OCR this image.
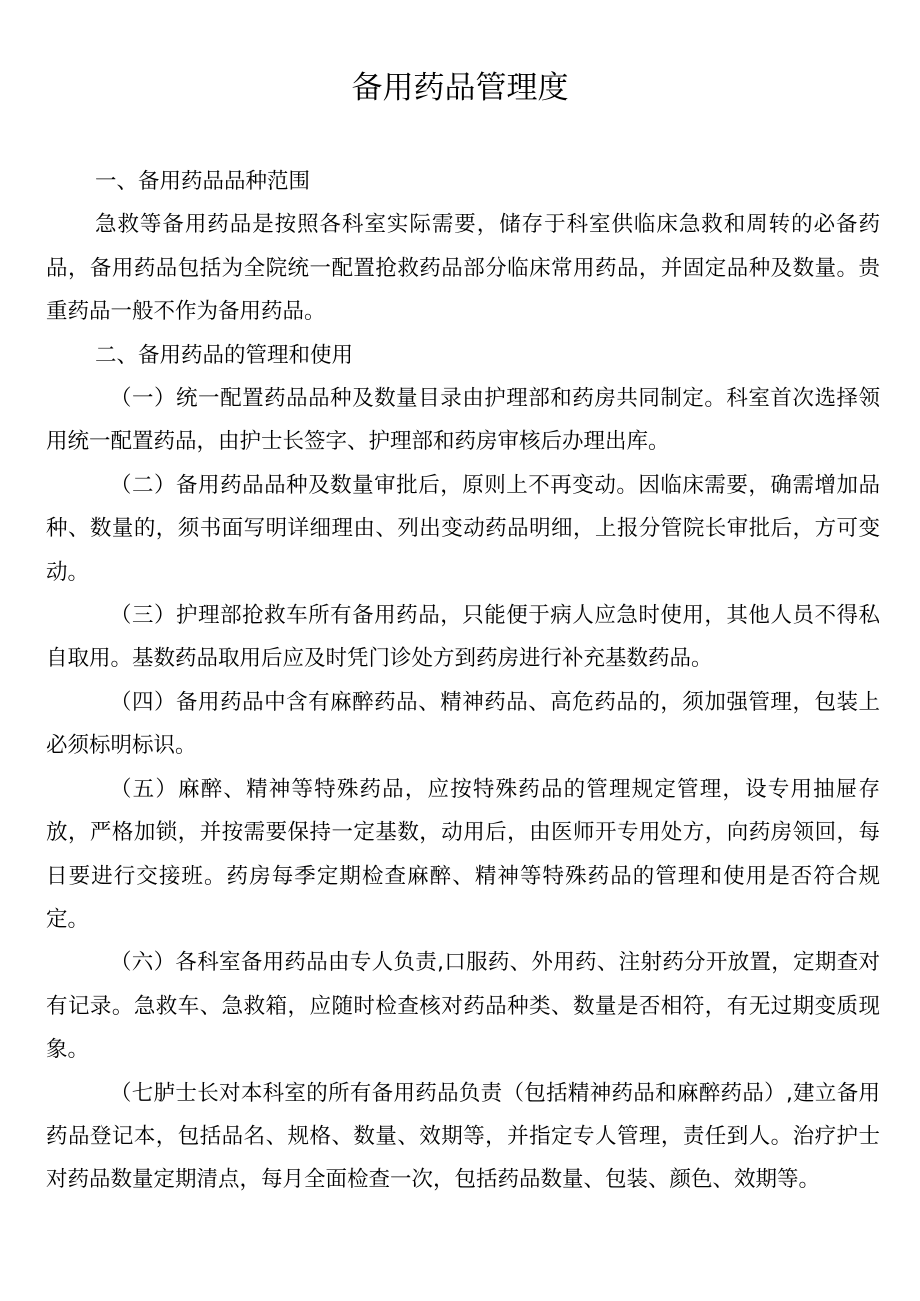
备用药品管理度

一、备用药品品种范围

急救等备用药品是按照各科室实际需要，储存于科室供临床急救和周转的必备药品，备用药品包括为全院统一配置抢救药品部分临床常用药品，并固定品种及数量。贵重药品一般不作为备用药品。

二、备用药品的管理和使用

（一）统一配置药品品种及数量目录由护理部和药房共同制定。科室首次选择领用统一配置药品，由护士长签字、护理部和药房审核后办理出库。

（二）备用药品品种及数量审批后，原则上不再变动。因临床需要，确需增加品种、数量的，须书面写明详细理由、列出变动药品明细，上报分管院长审批后，方可变动。

（三）护理部抢救车所有备用药品，只能便于病人应急时使用，其他人员不得私自取用。基数药品取用后应及时凭门诊处方到药房进行补充基数药品。

（四）备用药品中含有麻醉药品、精神药品、高危药品的，须加强管理，包装上必须标明标识。

（五）麻醉、精神等特殊药品，应按特殊药品的管理规定管理，设专用抽屉存放，严格加锁，并按需要保持一定基数，动用后，由医师开专用处方，向药房领回，每日要进行交接班。药房每季定期检查麻醉、精神等特殊药品的管理和使用是否符合规定。

（六）各科室备用药品由专人负责,口服药、外用药、注射药分开放置，定期查对有记录。急救车、急救箱，应随时检查核对药品种类、数量是否相符，有无过期变质现象。

（七胪士长对本科室的所有备用药品负责（包括精神药品和麻醉药品）,建立备用药品登记本，包括品名、规格、数量、效期等，并指定专人管理，责任到人。治疗护士对药品数量定期清点，每月全面检查一次，包括药品数量、包装、颜色、效期等。
